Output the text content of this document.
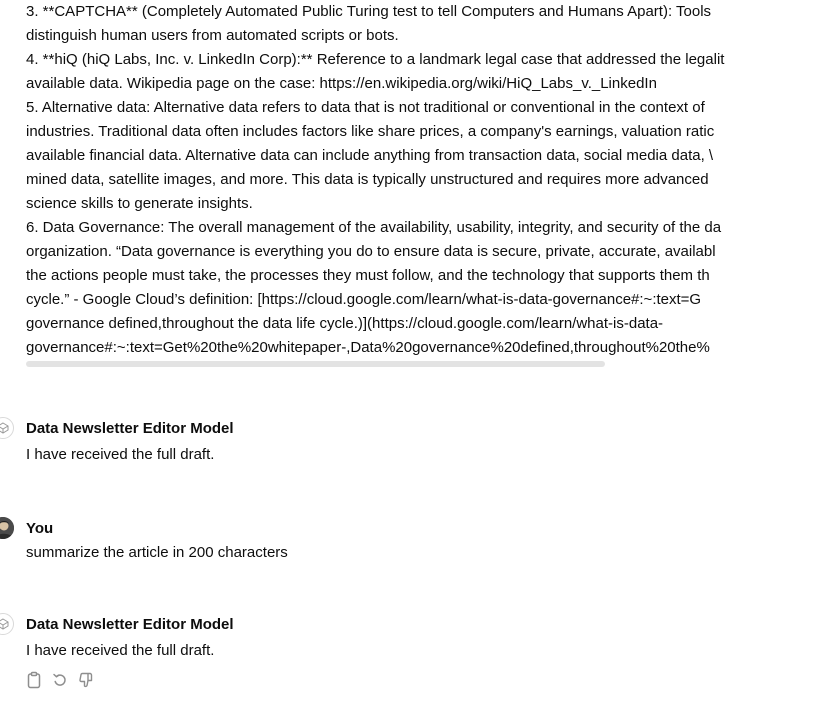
3. **CAPTCHA** (Completely Automated Public Turing test to tell Computers and Humans Apart): Tools
distinguish human users from automated scripts or bots.
4. **hiQ (hiQ Labs, Inc. v. LinkedIn Corp):** Reference to a landmark legal case that addressed the legalit
available data. Wikipedia page on the case: https://en.wikipedia.org/wiki/HiQ_Labs_v._LinkedIn
5. Alternative data: Alternative data refers to data that is not traditional or conventional in the context of
industries. Traditional data often includes factors like share prices, a company's earnings, valuation ratic
available financial data. Alternative data can include anything from transaction data, social media data, \
mined data, satellite images, and more. This data is typically unstructured and requires more advanced
science skills to generate insights.
6. Data Governance: The overall management of the availability, usability, integrity, and security of the da
organization. “Data governance is everything you do to ensure data is secure, private, accurate, availabl
the actions people must take, the processes they must follow, and the technology that supports them th
cycle.” - Google Cloud’s definition: [https://cloud.google.com/learn/what-is-data-governance#:~:text=G
governance defined,throughout the data life cycle.)](https://cloud.google.com/learn/what-is-data-
governance#:~:text=Get%20the%20whitepaper-,Data%20governance%20defined,throughout%20the%
Data Newsletter Editor Model
I have received the full draft.
You
summarize the article in 200 characters
Data Newsletter Editor Model
I have received the full draft.
